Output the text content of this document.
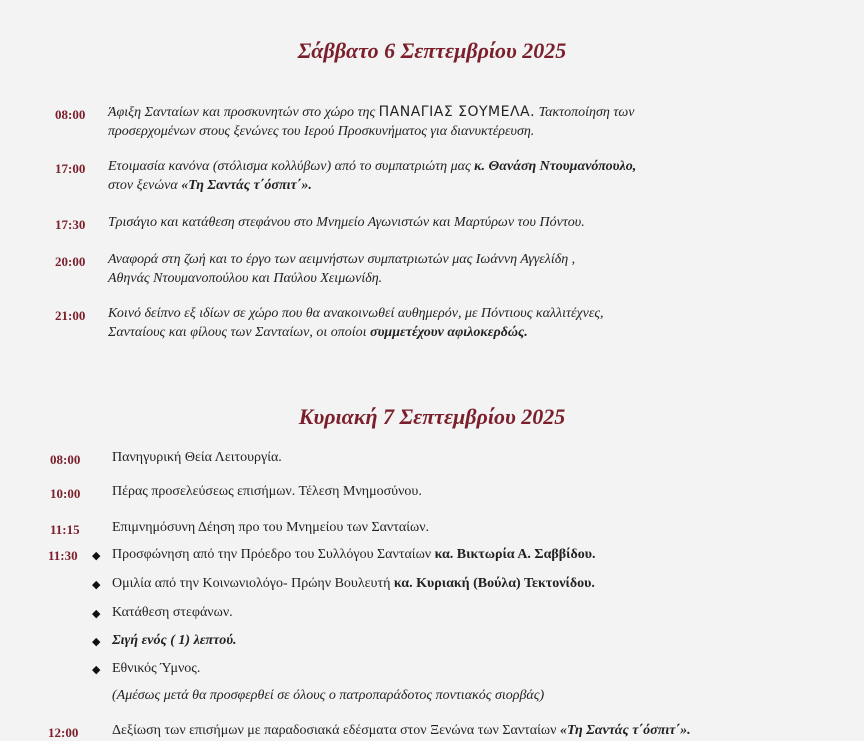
Σάββατο 6 Σεπτεμβρίου 2025
08:00 Άφιξη Σανταίων και προσκυνητών στο χώρο της ΠΑΝΑΓΙΑΣ ΣΟΥΜΕΛΑ. Τακτοποίηση των
προσερχομένων στους ξενώνες του Ιερού Προσκυνήματος για διανυκτέρευση.
17:00 Ετοιμασία κανόνα (στόλισμα κολλύβων) από το συμπατριώτη μας κ. Θανάση Ντουμανόπουλο,
στον ξενώνα «Τη Σαντάς τ΄όσπιτ΄».
17:30 Τρισάγιο και κατάθεση στεφάνου στο Μνημείο Αγωνιστών και Μαρτύρων του Πόντου.
20:00 Αναφορά στη ζωή και το έργο των αειμνήστων συμπατριωτών μας Ιωάννη Αγγελίδη ,
Αθηνάς Ντουμανοπούλου και Παύλου Χειμωνίδη.
21:00 Κοινό δείπνο εξ ιδίων σε χώρο που θα ανακοινωθεί αυθημερόν, με Πόντιους καλλιτέχνες,
Σανταίους και φίλους των Σανταίων, οι οποίοι συμμετέχουν αφιλοκερδώς.
Κυριακή 7 Σεπτεμβρίου 2025
08:00 Πανηγυρική Θεία Λειτουργία.
10:00 Πέρας προσελεύσεως επισήμων. Τέλεση Μνημοσύνου.
11:15 Επιμνημόσυνη Δέηση προ του Μνημείου των Σανταίων.
11:30 ◆ Προσφώνηση από την Πρόεδρο του Συλλόγου Σανταίων κα. Βικτωρία Α. Σαββίδου.
◆ Ομιλία από την Κοινωνιολόγο- Πρώην Βουλευτή κα. Κυριακή (Βούλα) Τεκτονίδου.
◆ Κατάθεση στεφάνων.
◆ Σιγή ενός ( 1) λεπτού.
◆ Εθνικός Ύμνος.
(Αμέσως μετά θα προσφερθεί σε όλους ο πατροπαράδοτος ποντιακός σιορβάς)
12:00 Δεξίωση των επισήμων με παραδοσιακά εδέσματα στον Ξενώνα των Σανταίων «Τη Σαντάς τ΄όσπιτ΄».
